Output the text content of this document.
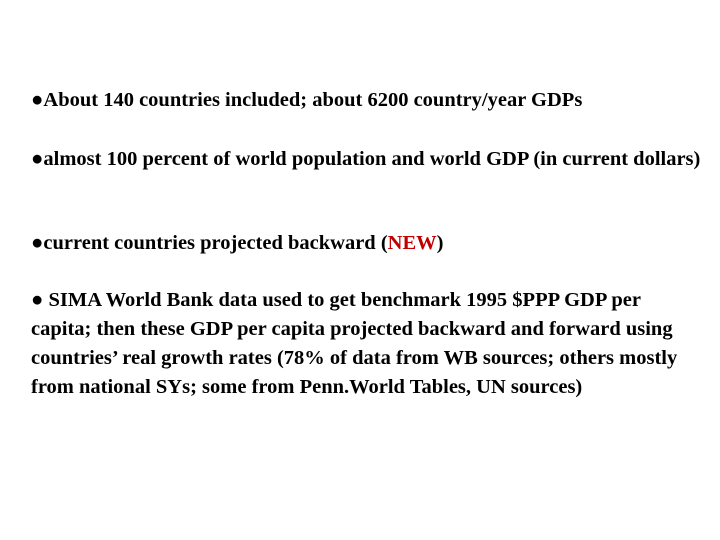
●About 140 countries included; about 6200 country/year GDPs

●almost 100 percent of world population and world GDP (in current dollars)

●current countries projected backward (NEW)

● SIMA World Bank data used to get benchmark 1995 $PPP GDP per capita; then these GDP per capita projected backward and forward using countries’ real growth rates (78% of data from WB sources; others mostly from national SYs; some from Penn.World Tables, UN sources)
